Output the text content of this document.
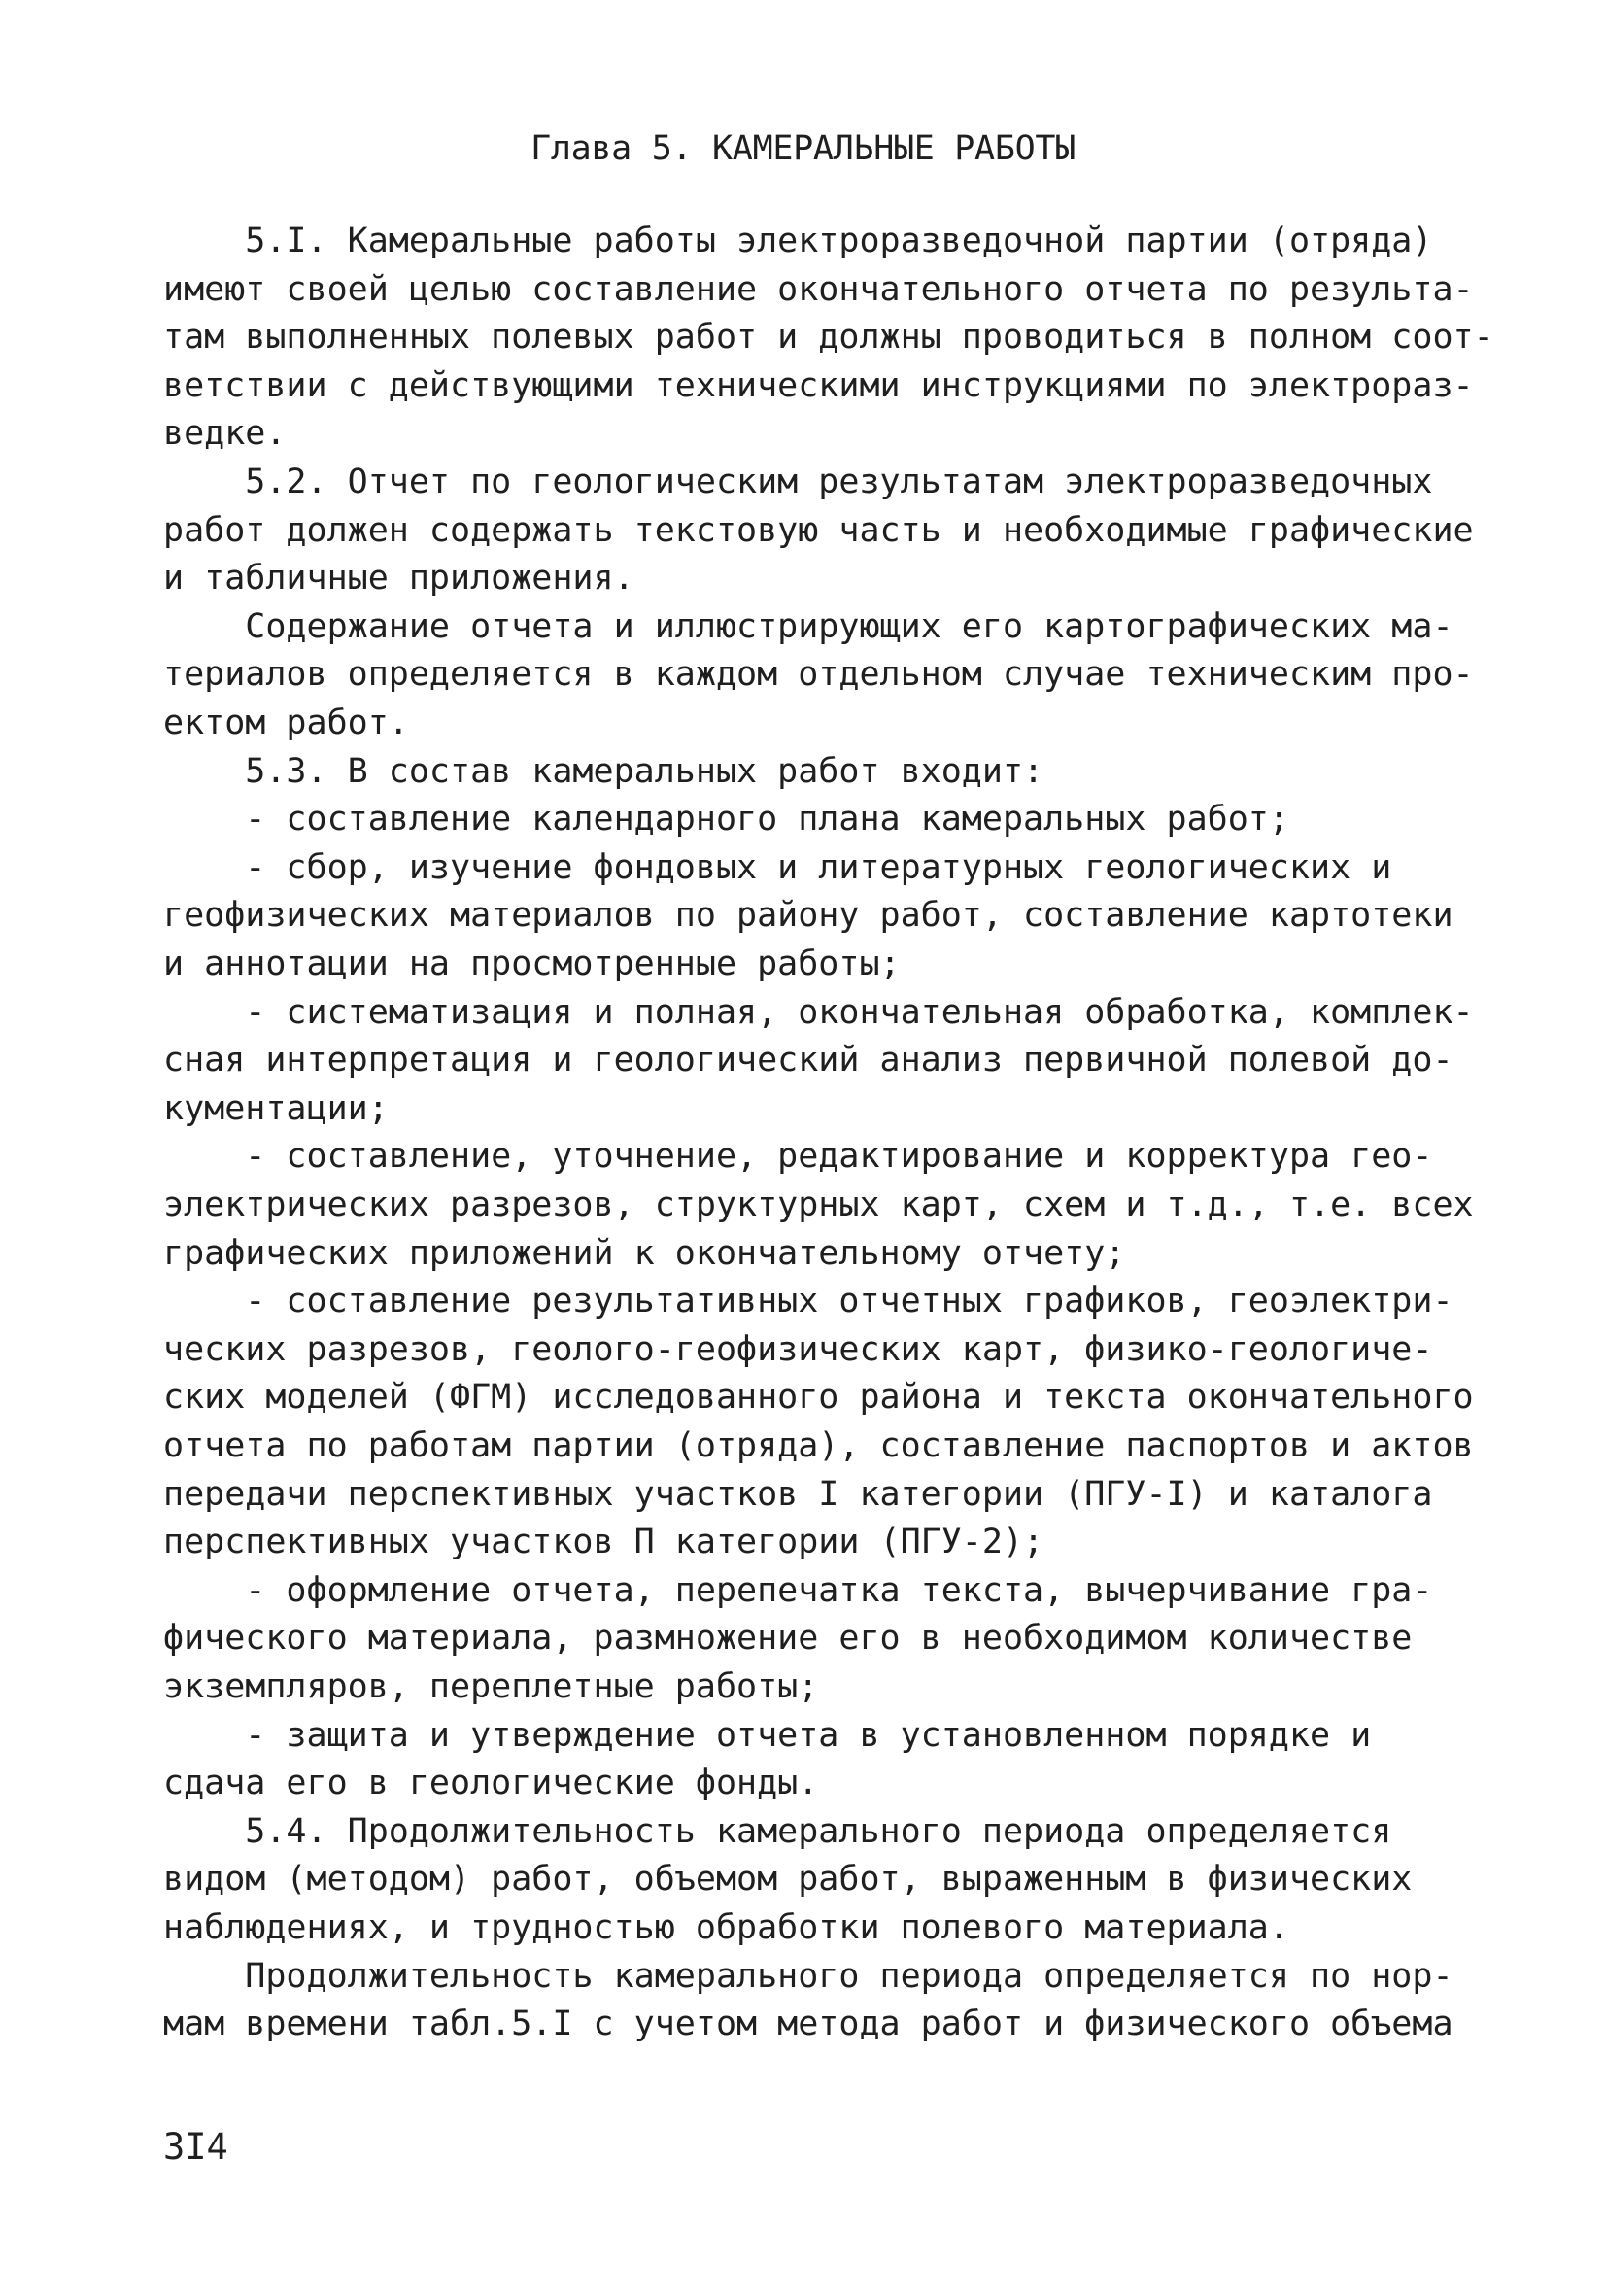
Глава 5. КАМЕРАЛЬНЫЕ РАБОТЫ
5.I. Камеральные работы электроразведочной партии (отряда)
имеют своей целью составление окончательного отчета по результа-
там выполненных полевых работ и должны проводиться в полном соот-
ветствии с действующими техническими инструкциями по электрораз-
ведке.
5.2. Отчет по геологическим результатам электроразведочных
работ должен содержать текстовую часть и необходимые графические
и табличные приложения.
Содержание отчета и иллюстрирующих его картографических ма-
териалов определяется в каждом отдельном случае техническим про-
ектом работ.
5.3. В состав камеральных работ входит:
- составление календарного плана камеральных работ;
- сбор, изучение фондовых и литературных геологических и
геофизических материалов по району работ, составление картотеки
и аннотации на просмотренные работы;
- систематизация и полная, окончательная обработка, комплек-
сная интерпретация и геологический анализ первичной полевой до-
кументации;
- составление, уточнение, редактирование и корректура гео-
электрических разрезов, структурных карт, схем и т.д., т.е. всех
графических приложений к окончательному отчету;
- составление результативных отчетных графиков, геоэлектри-
ческих разрезов, геолого-геофизических карт, физико-геологиче-
ских моделей (ФГМ) исследованного района и текста окончательного
отчета по работам партии (отряда), составление паспортов и актов
передачи перспективных участков I категории (ПГУ-I) и каталога
перспективных участков П категории (ПГУ-2);
- оформление отчета, перепечатка текста, вычерчивание гра-
фического материала, размножение его в необходимом количестве
экземпляров, переплетные работы;
- защита и утверждение отчета в установленном порядке и
сдача его в геологические фонды.
5.4. Продолжительность камерального периода определяется
видом (методом) работ, объемом работ, выраженным в физических
наблюдениях, и трудностью обработки полевого материала.
Продолжительность камерального периода определяется по нор-
мам времени табл.5.I с учетом метода работ и физического объема
3I4
